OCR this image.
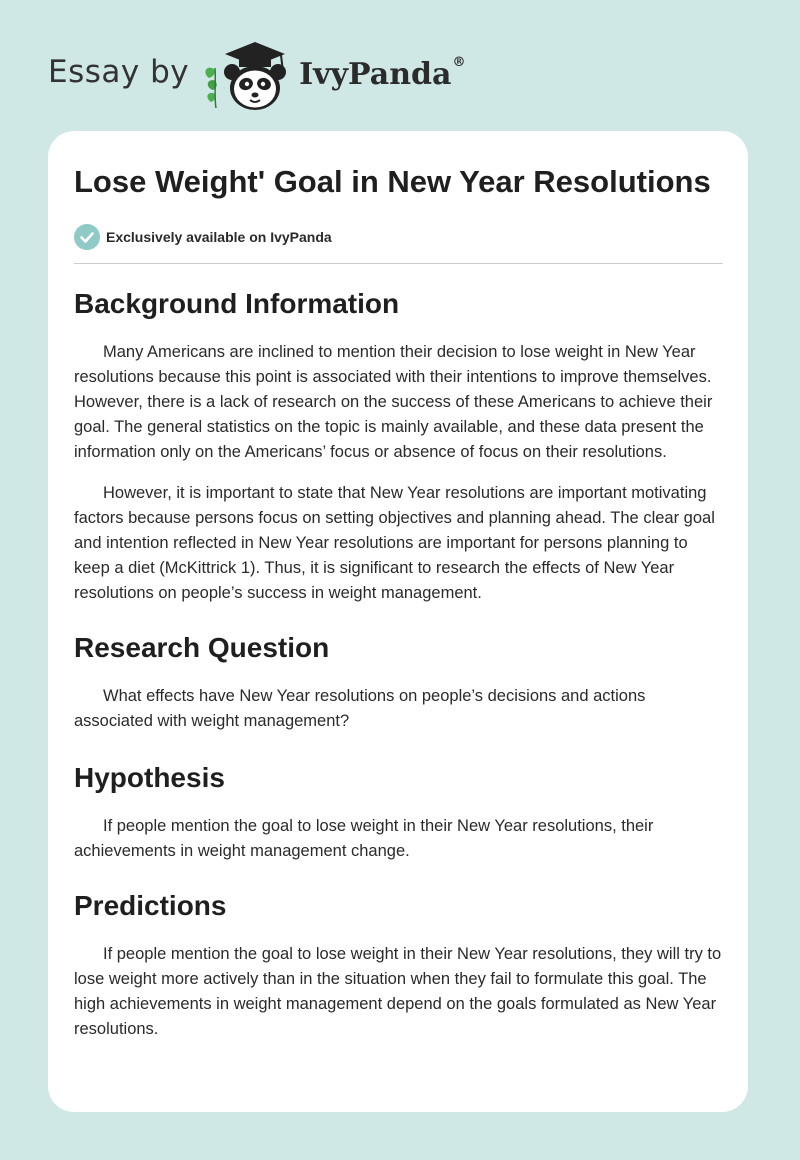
Essay by	IvyPanda®
Lose Weight' Goal in New Year Resolutions
Exclusively available on IvyPanda
Background Information

Many Americans are inclined to mention their decision to lose weight in New Year resolutions because this point is associated with their intentions to improve themselves. However, there is a lack of research on the success of these Americans to achieve their goal. The general statistics on the topic is mainly available, and these data present the information only on the Americans’ focus or absence of focus on their resolutions.

However, it is important to state that New Year resolutions are important motivating factors because persons focus on setting objectives and planning ahead. The clear goal and intention reflected in New Year resolutions are important for persons planning to keep a diet (McKittrick 1). Thus, it is significant to research the effects of New Year resolutions on people’s success in weight management.

Research Question

What effects have New Year resolutions on people’s decisions and actions associated with weight management?

Hypothesis

If people mention the goal to lose weight in their New Year resolutions, their achievements in weight management change.

Predictions

If people mention the goal to lose weight in their New Year resolutions, they will try to lose weight more actively than in the situation when they fail to formulate this goal. The high achievements in weight management depend on the goals formulated as New Year resolutions.
